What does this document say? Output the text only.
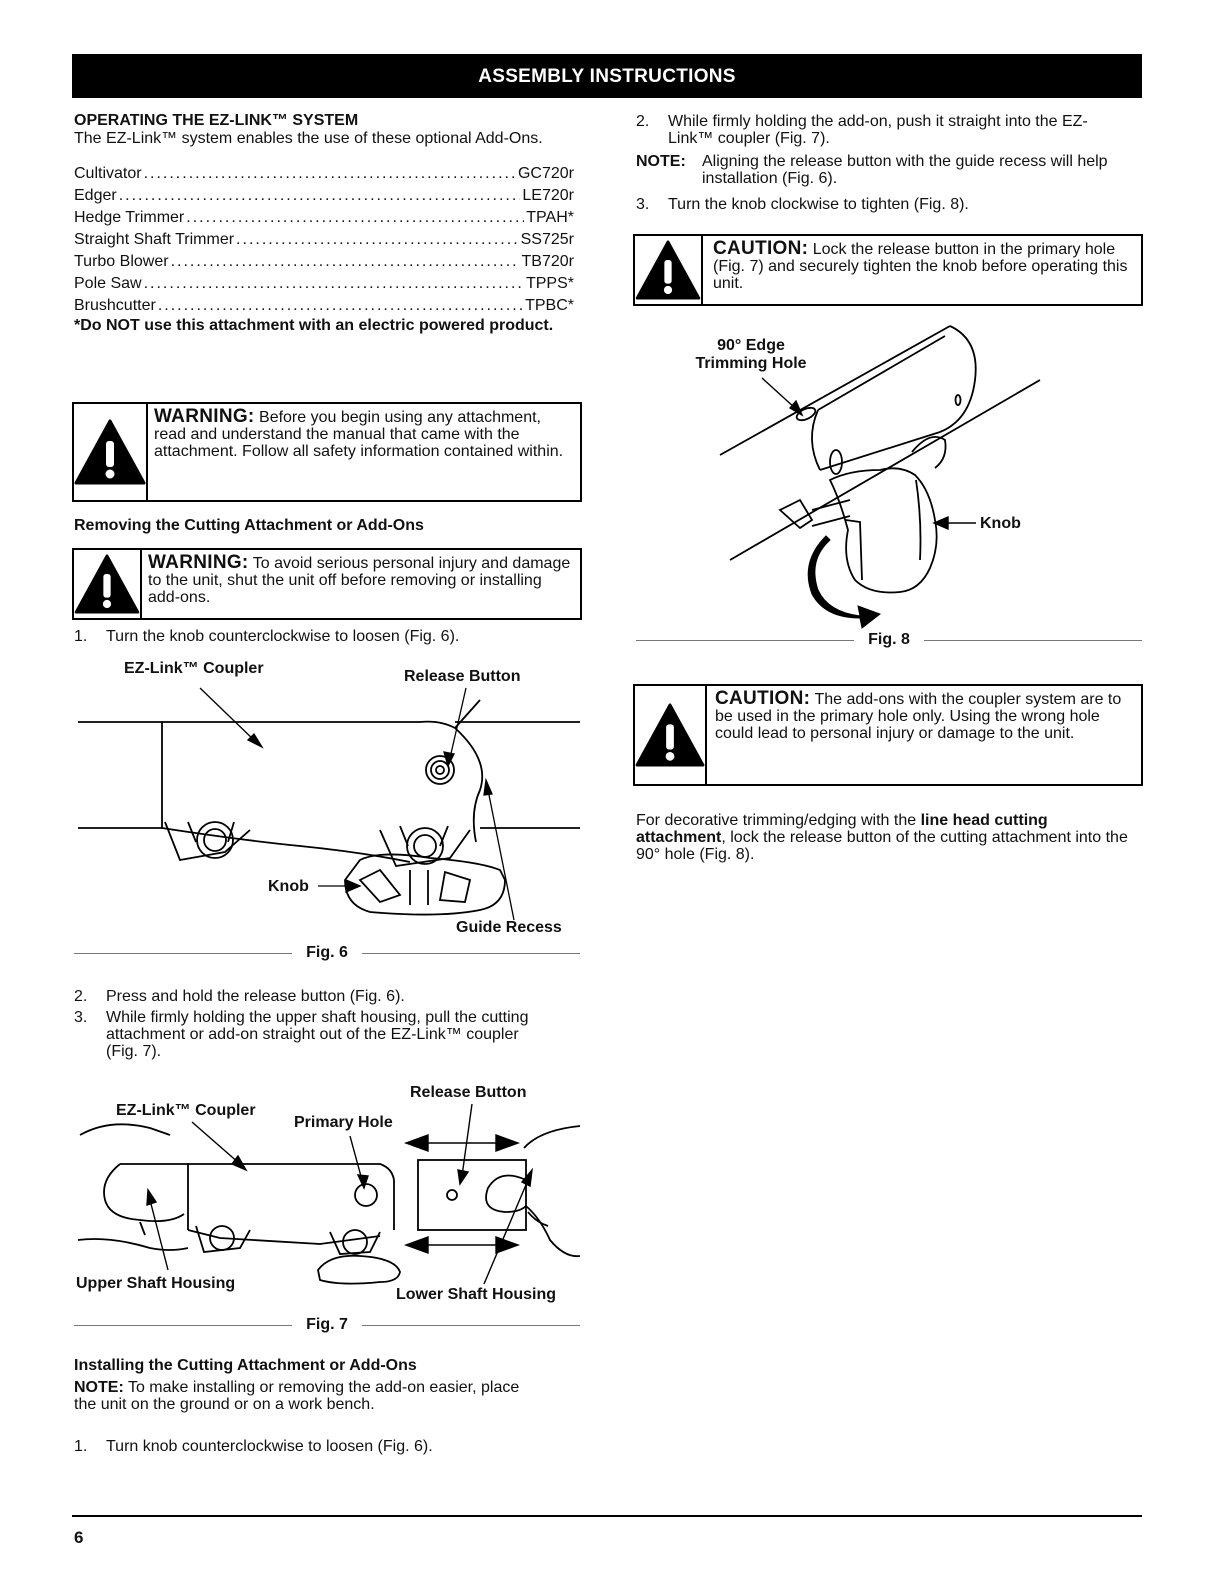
ASSEMBLY INSTRUCTIONS
OPERATING THE EZ-LINK™ SYSTEM

The EZ-Link™ system enables the use of these optional Add-Ons.

Cultivator .....	GC720r
Edger .....	LE720r
Hedge Trimmer .....	TPAH*
Straight Shaft Trimmer .....	SS725r
Turbo Blower .....	TB720r
Pole Saw .....	TPPS*
Brushcutter .....	TPBC*
*Do NOT use this attachment with an electric powered product.
WARNING: Before you begin using any attachment, read and understand the manual that came with the attachment. Follow all safety information contained within.
Removing the Cutting Attachment or Add-Ons
WARNING: To avoid serious personal injury and damage to the unit, shut the unit off before removing or installing add-ons.
1.	Turn the knob counterclockwise to loosen (Fig. 6).
EZ-Link™ Coupler	Release Button
Knob
Guide Recess
Fig. 6
2.	Press and hold the release button (Fig. 6).
3.	While firmly holding the upper shaft housing, pull the cutting attachment or add-on straight out of the EZ-Link™ coupler (Fig. 7).
Release Button
EZ-Link™ Coupler
Primary Hole
Upper Shaft Housing
Lower Shaft Housing
Fig. 7
Installing the Cutting Attachment or Add-Ons
NOTE: To make installing or removing the add-on easier, place the unit on the ground or on a work bench.
1.	Turn knob counterclockwise to loosen (Fig. 6).
2.	While firmly holding the add-on, push it straight into the EZ-Link™ coupler (Fig. 7).
NOTE:	Aligning the release button with the guide recess will help installation (Fig. 6).
3.	Turn the knob clockwise to tighten (Fig. 8).
CAUTION: Lock the release button in the primary hole (Fig. 7) and securely tighten the knob before operating this unit.
90° Edge
Trimming Hole
Knob
Fig. 8
CAUTION: The add-ons with the coupler system are to be used in the primary hole only. Using the wrong hole could lead to personal injury or damage to the unit.
For decorative trimming/edging with the line head cutting attachment, lock the release button of the cutting attachment into the 90° hole (Fig. 8).
6
